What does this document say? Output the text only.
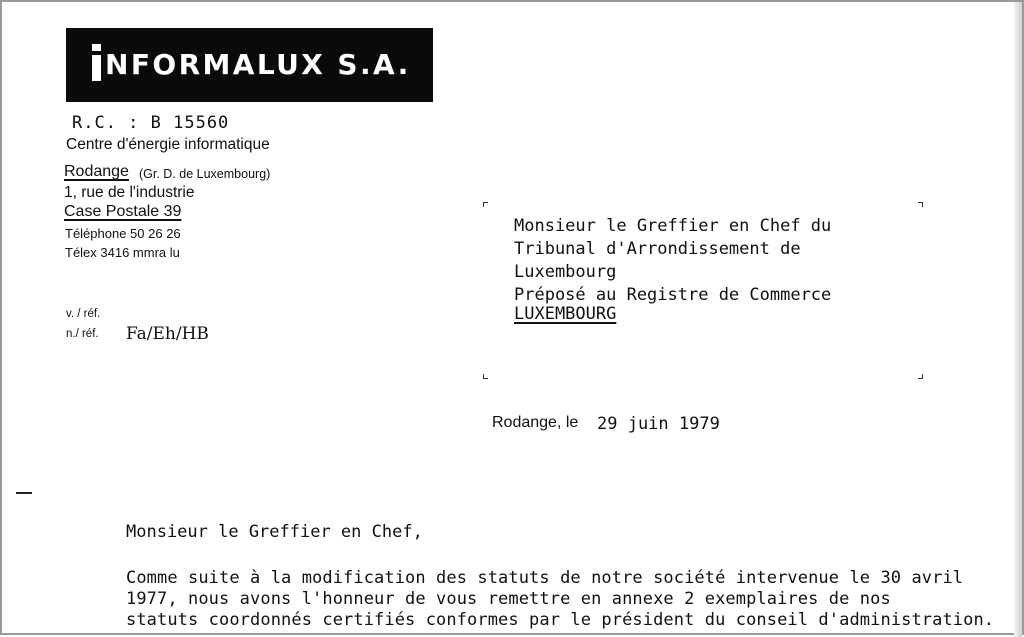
NFORMALUX S.A.
R.C. : B 15560
Centre d'énergie informatique
Rodange (Gr. D. de Luxembourg)
1, rue de l'industrie
Case Postale 39
Téléphone 50 26 26
Télex 3416 mmra lu
v. / réf.
n./ réf. Fa/Eh/HB
Monsieur le Greffier en Chef du
Tribunal d'Arrondissement de
Luxembourg
Préposé au Registre de Commerce
LUXEMBOURG
Rodange, le 29 juin 1979
Monsieur le Greffier en Chef,
Comme suite à la modification des statuts de notre société intervenue le 30 avril
1977, nous avons l'honneur de vous remettre en annexe 2 exemplaires de nos
statuts coordonnés certifiés conformes par le président du conseil d'administration.
